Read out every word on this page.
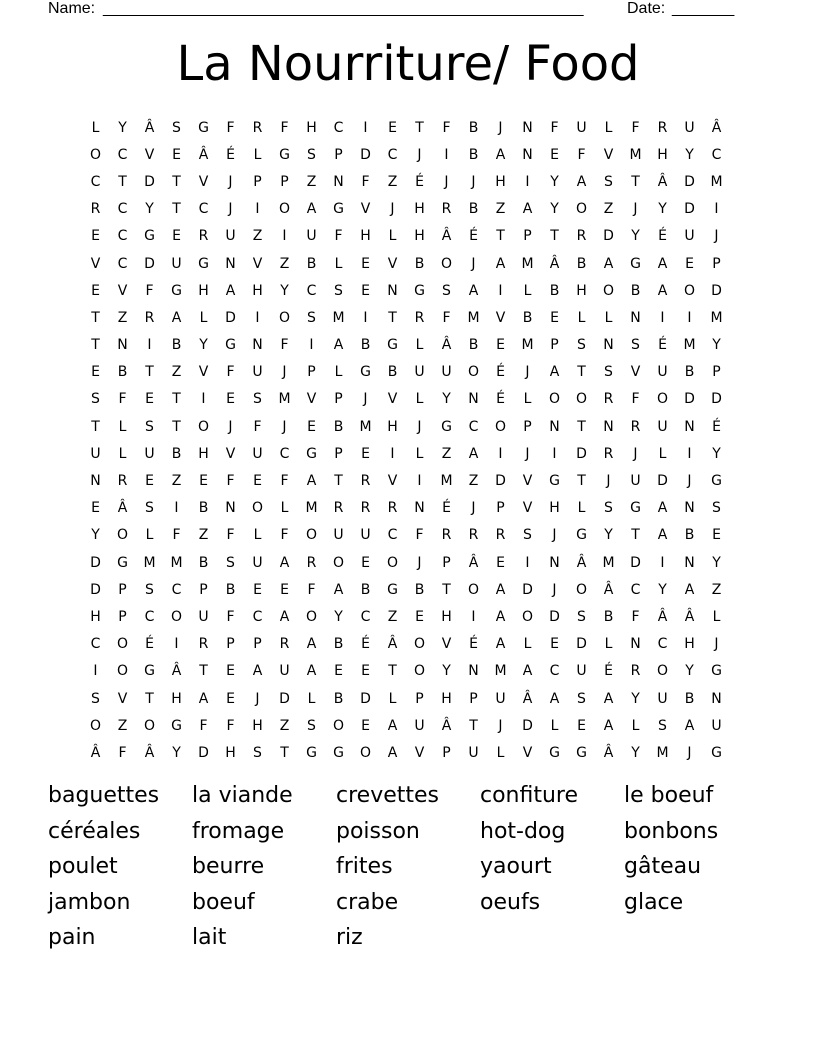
Name: ______________________________________________________	Date: _______
La Nourriture/ Food
L	Y	Â	S	G	F	R	F	H	C	I	E	T	F	B	J	N	F	U	L	F	R	U	Â
O	C	V	E	Â	É	L	G	S	P	D	C	J	I	B	A	N	E	F	V	M	H	Y	C
C	T	D	T	V	J	P	P	Z	N	F	Z	É	J	J	H	I	Y	A	S	T	Â	D	M
R	C	Y	T	C	J	I	O	A	G	V	J	H	R	B	Z	A	Y	O	Z	J	Y	D	I
E	C	G	E	R	U	Z	I	U	F	H	L	H	Â	É	T	P	T	R	D	Y	É	U	J
V	C	D	U	G	N	V	Z	B	L	E	V	B	O	J	A	M	Â	B	A	G	A	E	P
E	V	F	G	H	A	H	Y	C	S	E	N	G	S	A	I	L	B	H	O	B	A	O	D
T	Z	R	A	L	D	I	O	S	M	I	T	R	F	M	V	B	E	L	L	N	I	I	M
T	N	I	B	Y	G	N	F	I	A	B	G	L	Â	B	E	M	P	S	N	S	É	M	Y
E	B	T	Z	V	F	U	J	P	L	G	B	U	U	O	É	J	A	T	S	V	U	B	P
S	F	E	T	I	E	S	M	V	P	J	V	L	Y	N	É	L	O	O	R	F	O	D	D
T	L	S	T	O	J	F	J	E	B	M	H	J	G	C	O	P	N	T	N	R	U	N	É
U	L	U	B	H	V	U	C	G	P	E	I	L	Z	A	I	J	I	D	R	J	L	I	Y
N	R	E	Z	E	F	E	F	A	T	R	V	I	M	Z	D	V	G	T	J	U	D	J	G
E	Â	S	I	B	N	O	L	M	R	R	R	N	É	J	P	V	H	L	S	G	A	N	S
Y	O	L	F	Z	F	L	F	O	U	U	C	F	R	R	R	S	J	G	Y	T	A	B	E
D	G	M	M	B	S	U	A	R	O	E	O	J	P	Â	E	I	N	Â	M	D	I	N	Y
D	P	S	C	P	B	E	E	F	A	B	G	B	T	O	A	D	J	O	Â	C	Y	A	Z
H	P	C	O	U	F	C	A	O	Y	C	Z	E	H	I	A	O	D	S	B	F	Â	Â	L
C	O	É	I	R	P	P	R	A	B	É	Â	O	V	É	A	L	E	D	L	N	C	H	J
I	O	G	Â	T	E	A	U	A	E	E	T	O	Y	N	M	A	C	U	É	R	O	Y	G
S	V	T	H	A	E	J	D	L	B	D	L	P	H	P	U	Â	A	S	A	Y	U	B	N
O	Z	O	G	F	F	H	Z	S	O	E	A	U	Â	T	J	D	L	E	A	L	S	A	U
Â	F	Â	Y	D	H	S	T	G	G	O	A	V	P	U	L	V	G	G	Â	Y	M	J	G
baguettes	la viande	crevettes	confiture	le boeuf
céréales	fromage	poisson	hot-dog	bonbons
poulet	beurre	frites	yaourt	gâteau
jambon	boeuf	crabe	oeufs	glace
pain	lait	riz
